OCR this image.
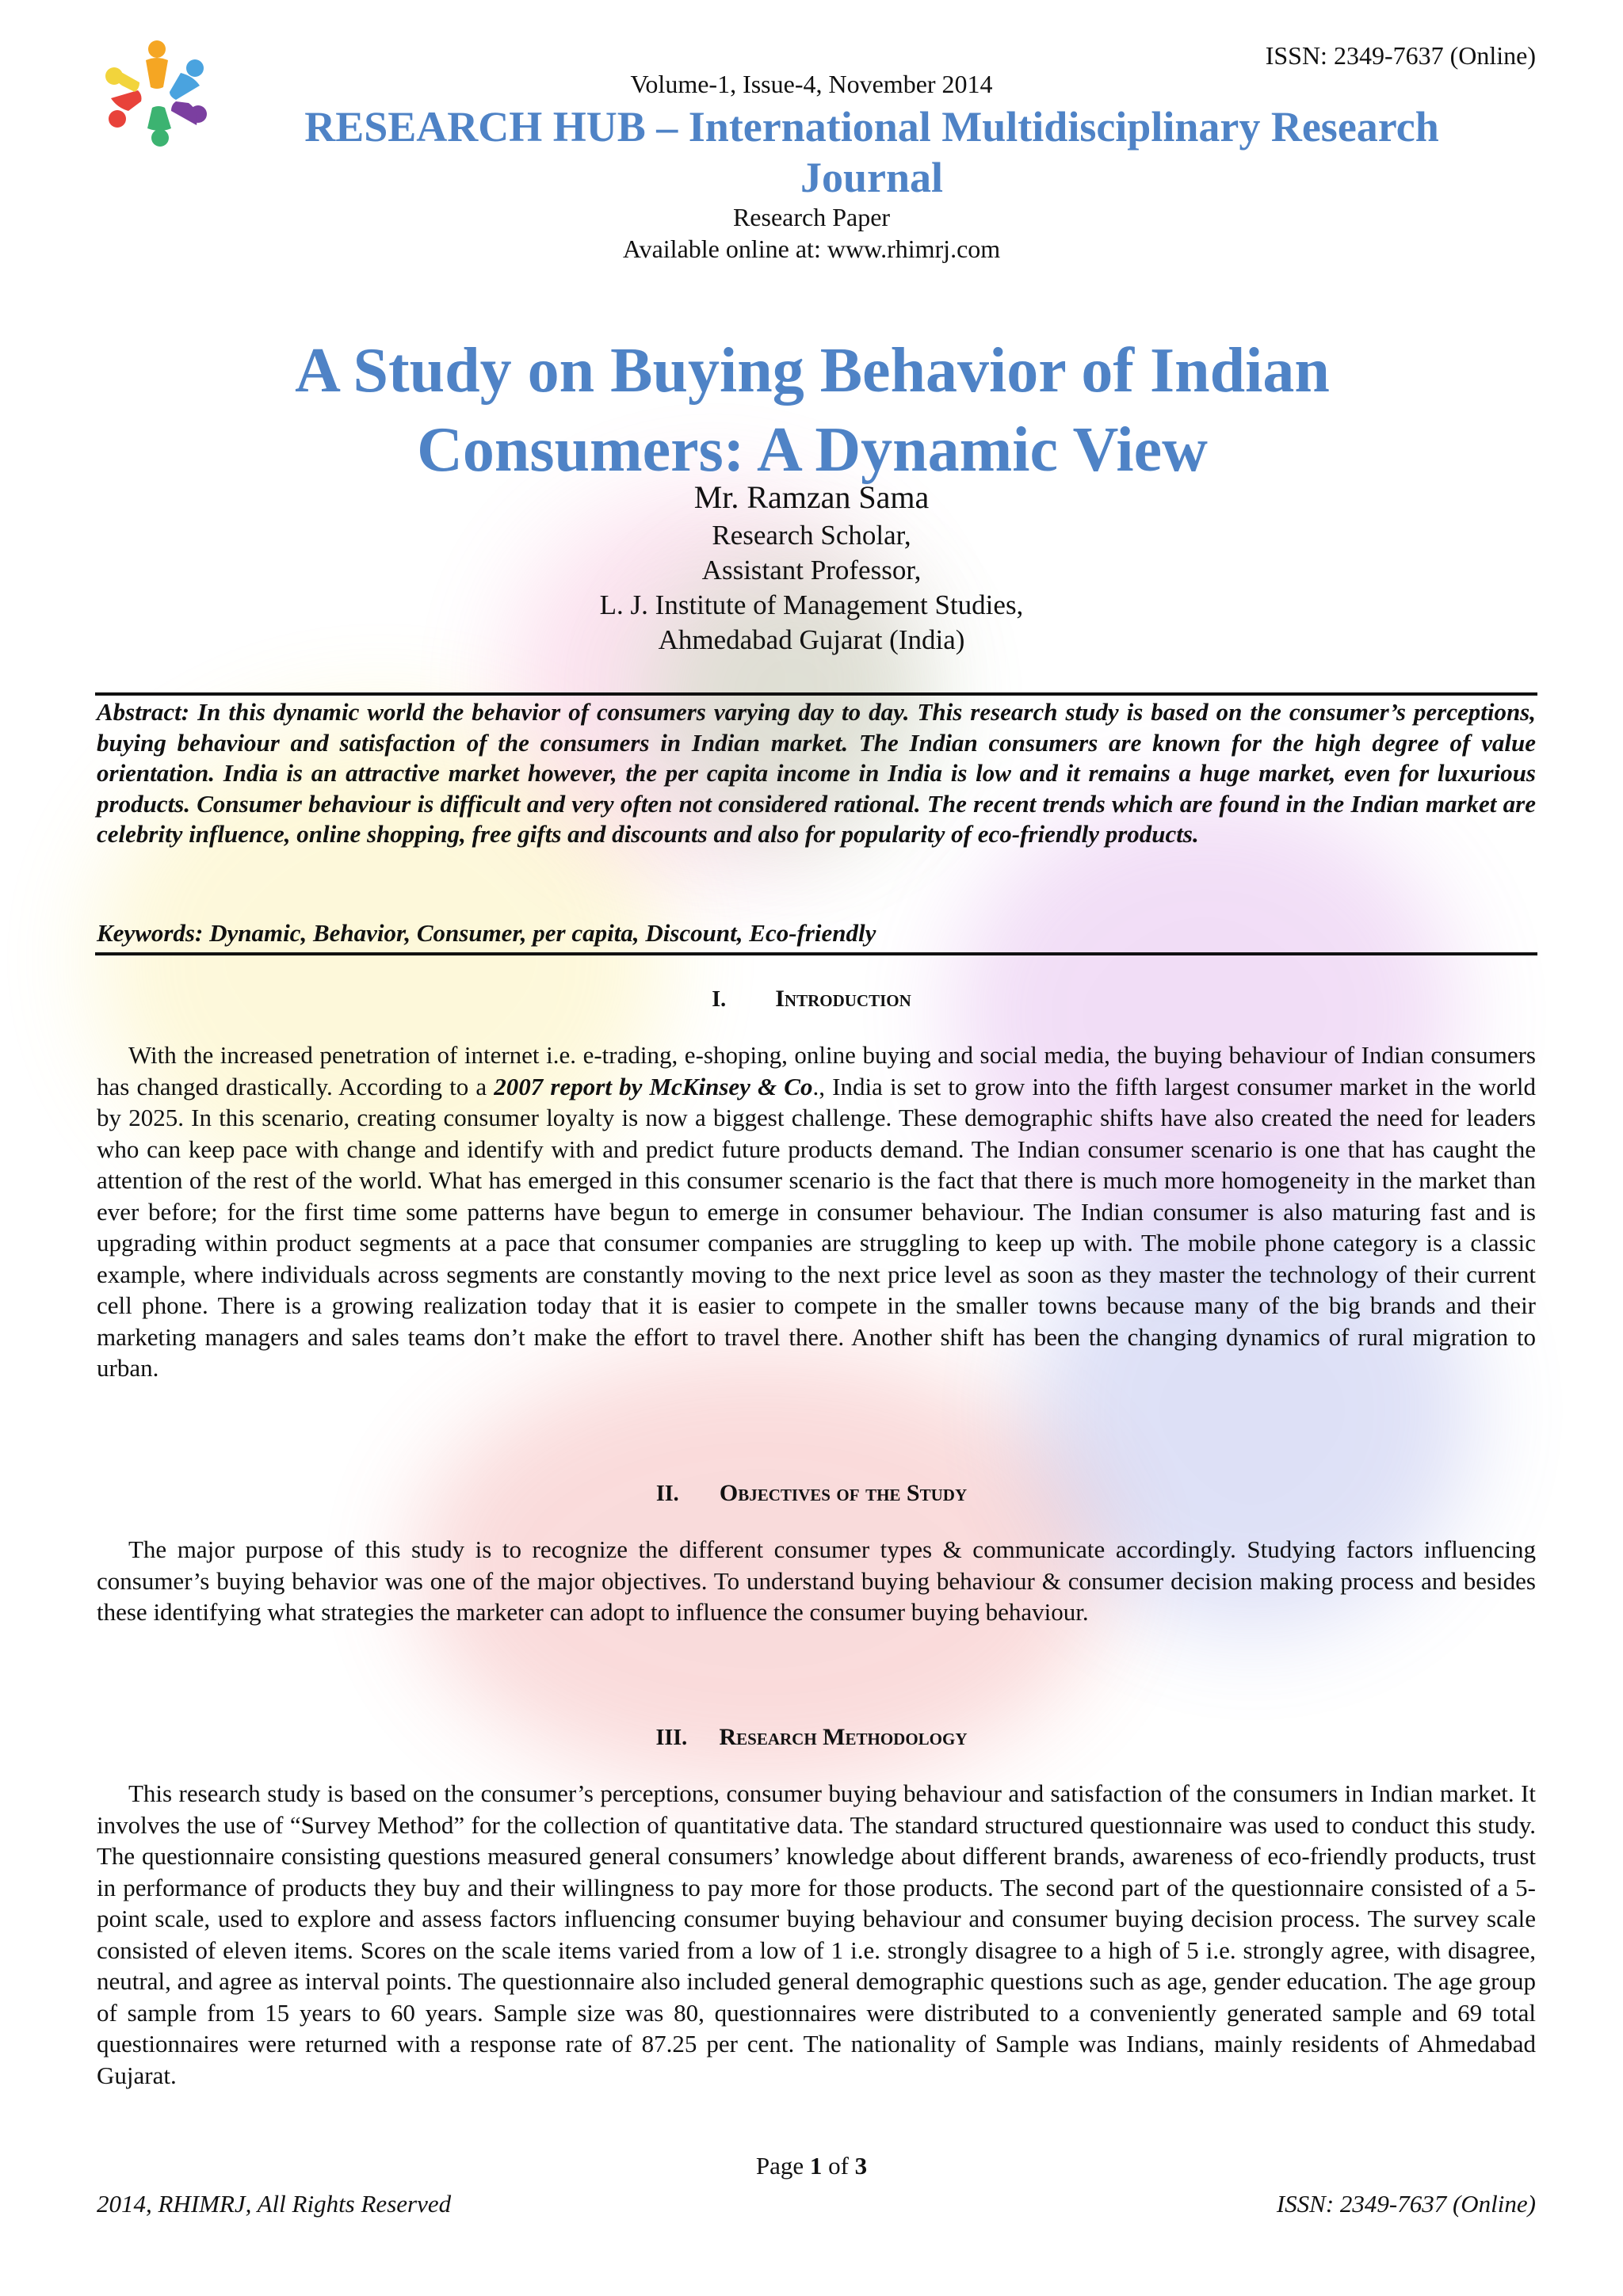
ISSN: 2349-7637 (Online)
Volume-1, Issue-4, November 2014
RESEARCH HUB – International Multidisciplinary Research
Journal
Research Paper
Available online at: www.rhimrj.com
A Study on Buying Behavior of Indian
Consumers: A Dynamic View
Mr. Ramzan Sama
Research Scholar,
Assistant Professor,
L. J. Institute of Management Studies,
Ahmedabad Gujarat (India)

Abstract: In this dynamic world the behavior of consumers varying day to day. This research study is based on the consumer’s perceptions, buying behaviour and satisfaction of the consumers in Indian market. The Indian consumers are known for the high degree of value orientation. India is an attractive market however, the per capita income in India is low and it remains a huge market, even for luxurious products. Consumer behaviour is difficult and very often not considered rational. The recent trends which are found in the Indian market are celebrity influence, online shopping, free gifts and discounts and also for popularity of eco-friendly products.

Keywords: Dynamic, Behavior, Consumer, per capita, Discount, Eco-friendly

I. Introduction

With the increased penetration of internet i.e. e-trading, e-shoping, online buying and social media, the buying behaviour of Indian consumers has changed drastically. According to a 2007 report by McKinsey & Co., India is set to grow into the fifth largest consumer market in the world by 2025. In this scenario, creating consumer loyalty is now a biggest challenge. These demographic shifts have also created the need for leaders who can keep pace with change and identify with and predict future products demand. The Indian consumer scenario is one that has caught the attention of the rest of the world. What has emerged in this consumer scenario is the fact that there is much more homogeneity in the market than ever before; for the first time some patterns have begun to emerge in consumer behaviour. The Indian consumer is also maturing fast and is upgrading within product segments at a pace that consumer companies are struggling to keep up with. The mobile phone category is a classic example, where individuals across segments are constantly moving to the next price level as soon as they master the technology of their current cell phone. There is a growing realization today that it is easier to compete in the smaller towns because many of the big brands and their marketing managers and sales teams don’t make the effort to travel there. Another shift has been the changing dynamics of rural migration to urban.

II. Objectives of the Study

The major purpose of this study is to recognize the different consumer types & communicate accordingly. Studying factors influencing consumer’s buying behavior was one of the major objectives. To understand buying behaviour & consumer decision making process and besides these identifying what strategies the marketer can adopt to influence the consumer buying behaviour.

III. Research Methodology

This research study is based on the consumer’s perceptions, consumer buying behaviour and satisfaction of the consumers in Indian market. It involves the use of “Survey Method” for the collection of quantitative data. The standard structured questionnaire was used to conduct this study. The questionnaire consisting questions measured general consumers’ knowledge about different brands, awareness of eco-friendly products, trust in performance of products they buy and their willingness to pay more for those products. The second part of the questionnaire consisted of a 5-point scale, used to explore and assess factors influencing consumer buying behaviour and consumer buying decision process. The survey scale consisted of eleven items. Scores on the scale items varied from a low of 1 i.e. strongly disagree to a high of 5 i.e. strongly agree, with disagree, neutral, and agree as interval points. The questionnaire also included general demographic questions such as age, gender education. The age group of sample from 15 years to 60 years. Sample size was 80, questionnaires were distributed to a conveniently generated sample and 69 total questionnaires were returned with a response rate of 87.25 per cent. The nationality of Sample was Indians, mainly residents of Ahmedabad Gujarat.

Page 1 of 3
2014, RHIMRJ, All Rights Reserved	ISSN: 2349-7637 (Online)
